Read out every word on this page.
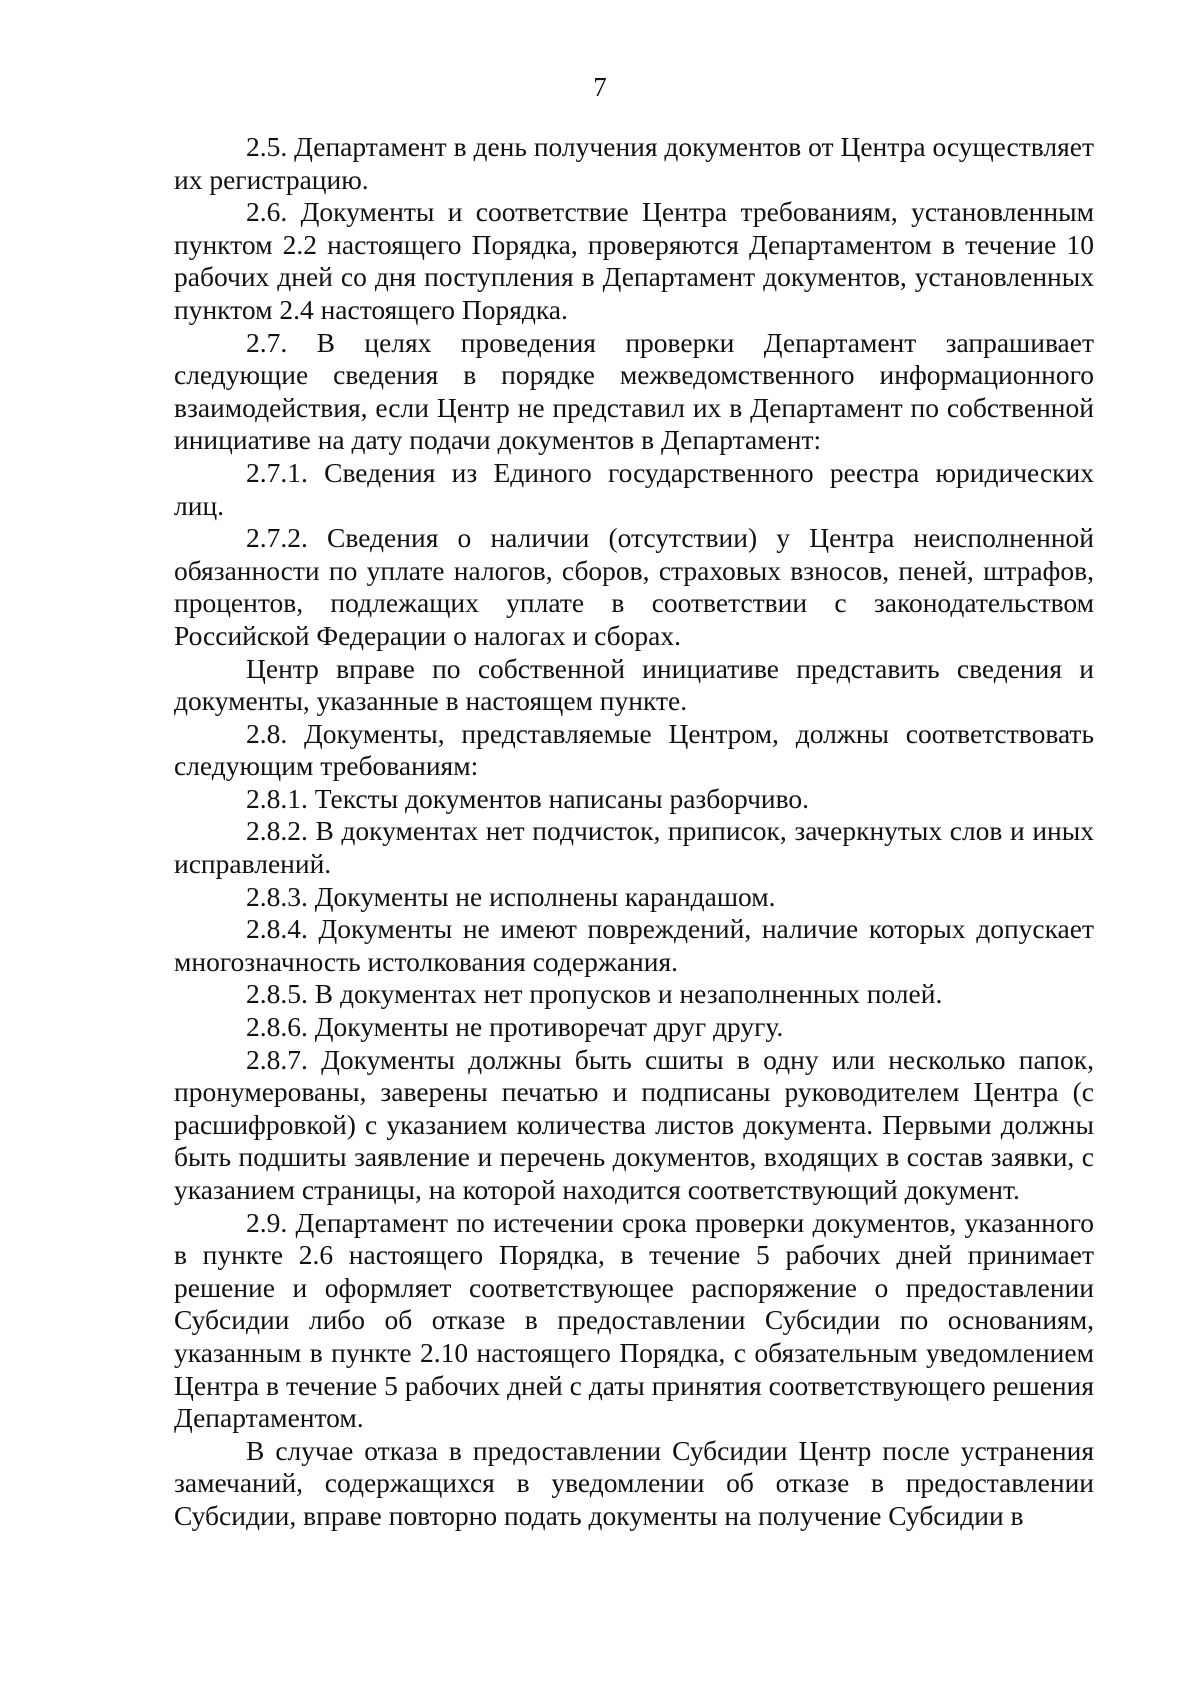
7

2.5. Департамент в день получения документов от Центра осуществляет их регистрацию.

2.6. Документы и соответствие Центра требованиям, установленным пунктом 2.2 настоящего Порядка, проверяются Департаментом в течение 10 рабочих дней со дня поступления в Департамент документов, установленных пунктом 2.4 настоящего Порядка.

2.7. В целях проведения проверки Департамент запрашивает следующие сведения в порядке межведомственного информационного взаимодействия, если Центр не представил их в Департамент по собственной инициативе на дату подачи документов в Департамент:

2.7.1. Сведения из Единого государственного реестра юридических лиц.

2.7.2. Сведения о наличии (отсутствии) у Центра неисполненной обязанности по уплате налогов, сборов, страховых взносов, пеней, штрафов, процентов, подлежащих уплате в соответствии с законодательством Российской Федерации о налогах и сборах.

Центр вправе по собственной инициативе представить сведения и документы, указанные в настоящем пункте.

2.8. Документы, представляемые Центром, должны соответствовать следующим требованиям:

2.8.1. Тексты документов написаны разборчиво.

2.8.2. В документах нет подчисток, приписок, зачеркнутых слов и иных исправлений.

2.8.3. Документы не исполнены карандашом.

2.8.4. Документы не имеют повреждений, наличие которых допускает многозначность истолкования содержания.

2.8.5. В документах нет пропусков и незаполненных полей.

2.8.6. Документы не противоречат друг другу.

2.8.7. Документы должны быть сшиты в одну или несколько папок, пронумерованы, заверены печатью и подписаны руководителем Центра (с расшифровкой) с указанием количества листов документа. Первыми должны быть подшиты заявление и перечень документов, входящих в состав заявки, с указанием страницы, на которой находится соответствующий документ.

2.9. Департамент по истечении срока проверки документов, указанного в пункте 2.6 настоящего Порядка, в течение 5 рабочих дней принимает решение и оформляет соответствующее распоряжение о предоставлении Субсидии либо об отказе в предоставлении Субсидии по основаниям, указанным в пункте 2.10 настоящего Порядка, с обязательным уведомлением Центра в течение 5 рабочих дней с даты принятия соответствующего решения Департаментом.

В случае отказа в предоставлении Субсидии Центр после устранения замечаний, содержащихся в уведомлении об отказе в предоставлении Субсидии, вправе повторно подать документы на получение Субсидии в
